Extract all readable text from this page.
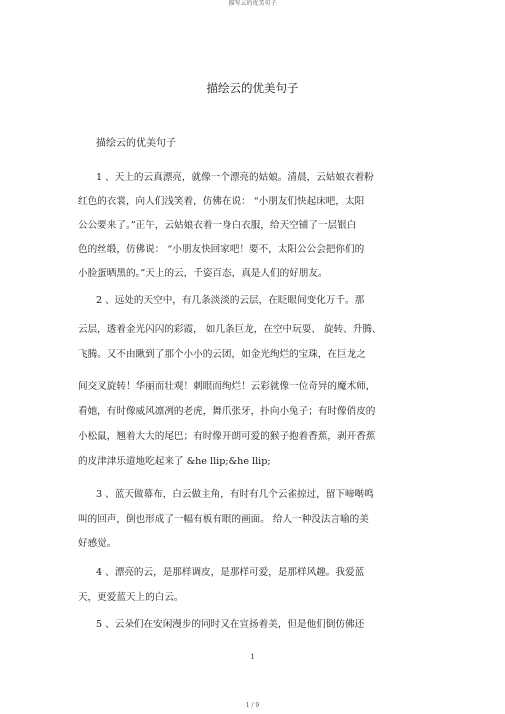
描写云的优美句子
描绘云的优美句子
描绘云的优美句子
1 、天上的云真漂亮，就像一个漂亮的姑娘。清晨，云姑娘衣着粉
红色的衣裳，向人们浅笑着，仿佛在说： “小朋友们快起床吧，太阳
公公要来了。”正午，云姑娘衣着一身白衣服，给天空铺了一层银白
色的丝缎，仿佛说： “小朋友快回家吧！要不，太阳公公会把你们的
小脸蛋晒黑的。”天上的云，千姿百态，真是人们的好朋友。
2 、远处的天空中，有几条淡淡的云层，在眨眼间变化万千。那
云层，透着金光闪闪的彩霞， 如几条巨龙，在空中玩耍、 旋转、升腾、
飞腾。又不由瞅到了那个小小的云团，如金光绚烂的宝珠，在巨龙之
间交叉旋转！华丽而壮观！刺眼而绚烂！云彩就像一位奇异的魔术师，
看她，有时像威风凛冽的老虎，舞爪张牙，扑向小兔子；有时像俏皮的
小松鼠，翘着大大的尾巴；有时像开朗可爱的猴子抱着香蕉，剥开香蕉
的皮津津乐道地吃起来了 &he llip;&he llip;
3 、蓝天做幕布，白云做主角，有时有几个云雀掠过，留下啼啭鸣
叫的回声，倒也形成了一幅有板有眼的画面。 给人一种没法言喻的美
好感觉。
4 、漂亮的云，是那样调皮，是那样可爱，是那样风趣。我爱蓝
天，更爱蓝天上的白云。
5 、云朵们在安闲漫步的同时又在宣扬着美，但是他们倒仿佛还
1
1 / 9
